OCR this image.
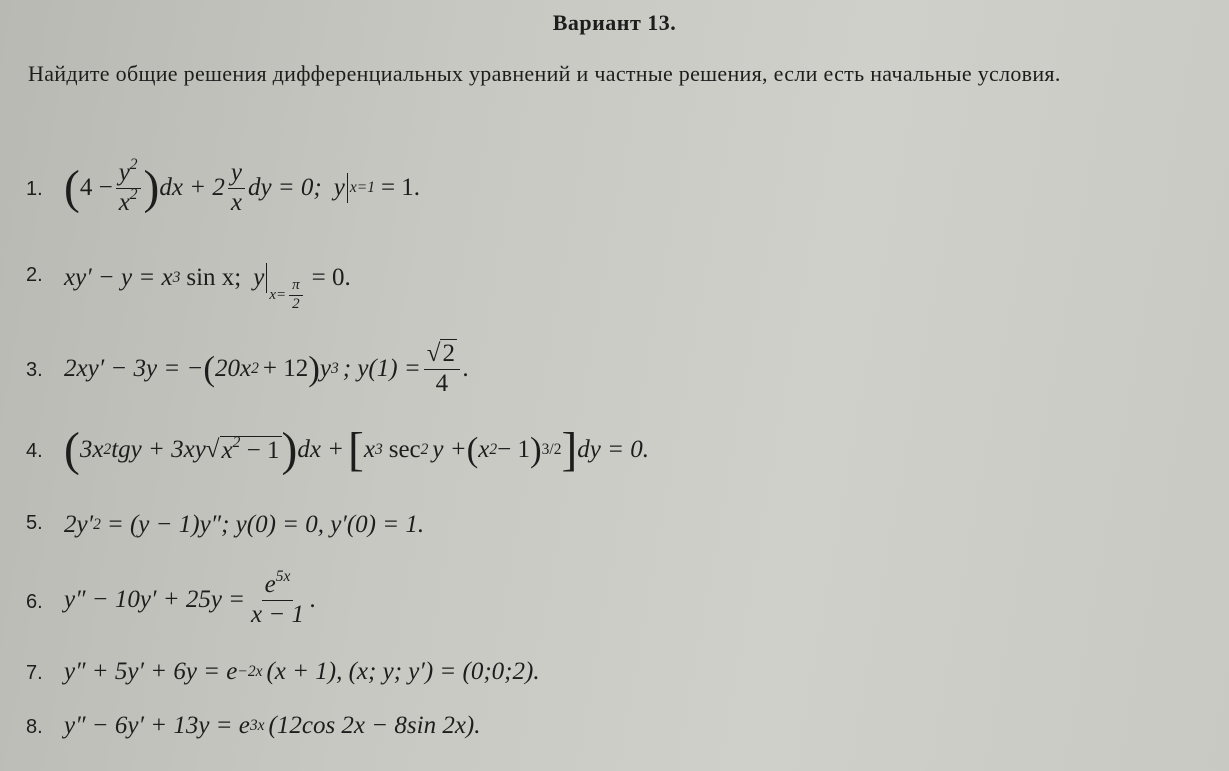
Вариант 13.
Найдите общие решения дифференциальных уравнений и частные решения, если есть начальные условия.
1. ( $4 - \frac{y^2}{x^2}$ ) dx + $2 \frac{y}{x}$ dy = 0; y x=1 = 1.
2. xy′ − y = x 3 sin x; y
$x= \frac{\pi}{2} = 0$.
3. 2xy′ − 3y = − ( 20x 2 + 12 ) y 3 ; $y(1) = \frac{√2}{4}$ .
4. ( 3x 2 tgy + 3xy √ $x^2 - 1$ ) dx + [ x 3 sec 2 y + ( x 2 − 1 ) 3/2 ] dy = 0.
5. 2y′ 2 = (y − 1)y″; y(0) = 0, y′(0) = 1.
6. $y'' - 10y' + 25y = \frac{e^{5x}}{x - 1}$ .
7. y″ + 5y′ + 6y = e −2x (x + 1), (x; y; y′) = (0;0;2).
8. y″ − 6y′ + 13y = e 3x (12cos 2x − 8sin 2x).
